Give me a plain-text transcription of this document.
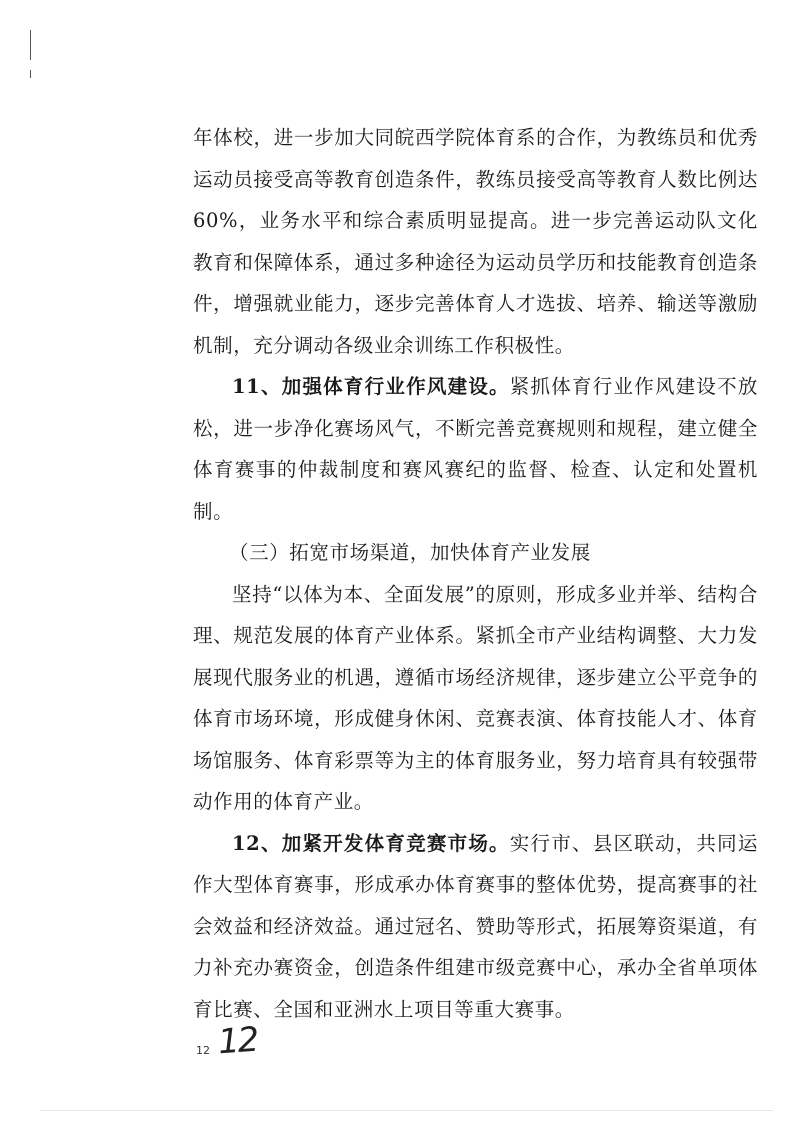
年体校，进一步加大同皖西学院体育系的合作，为教练员和优秀运动员接受高等教育创造条件，教练员接受高等教育人数比例达 60%，业务水平和综合素质明显提高。进一步完善运动队文化教育和保障体系，通过多种途径为运动员学历和技能教育创造条件，增强就业能力，逐步完善体育人才选拔、培养、输送等激励机制，充分调动各级业余训练工作积极性。

11、加强体育行业作风建设。紧抓体育行业作风建设不放松，进一步净化赛场风气，不断完善竞赛规则和规程，建立健全体育赛事的仲裁制度和赛风赛纪的监督、检查、认定和处置机制。

（三）拓宽市场渠道，加快体育产业发展

坚持“以体为本、全面发展”的原则，形成多业并举、结构合理、规范发展的体育产业体系。紧抓全市产业结构调整、大力发展现代服务业的机遇，遵循市场经济规律，逐步建立公平竞争的体育市场环境，形成健身休闲、竞赛表演、体育技能人才、体育场馆服务、体育彩票等为主的体育服务业，努力培育具有较强带动作用的体育产业。

12、加紧开发体育竞赛市场。实行市、县区联动，共同运作大型体育赛事，形成承办体育赛事的整体优势，提高赛事的社会效益和经济效益。通过冠名、赞助等形式，拓展筹资渠道，有力补充办赛资金，创造条件组建市级竞赛中心，承办全省单项体育比赛、全国和亚洲水上项目等重大赛事。

12 12
